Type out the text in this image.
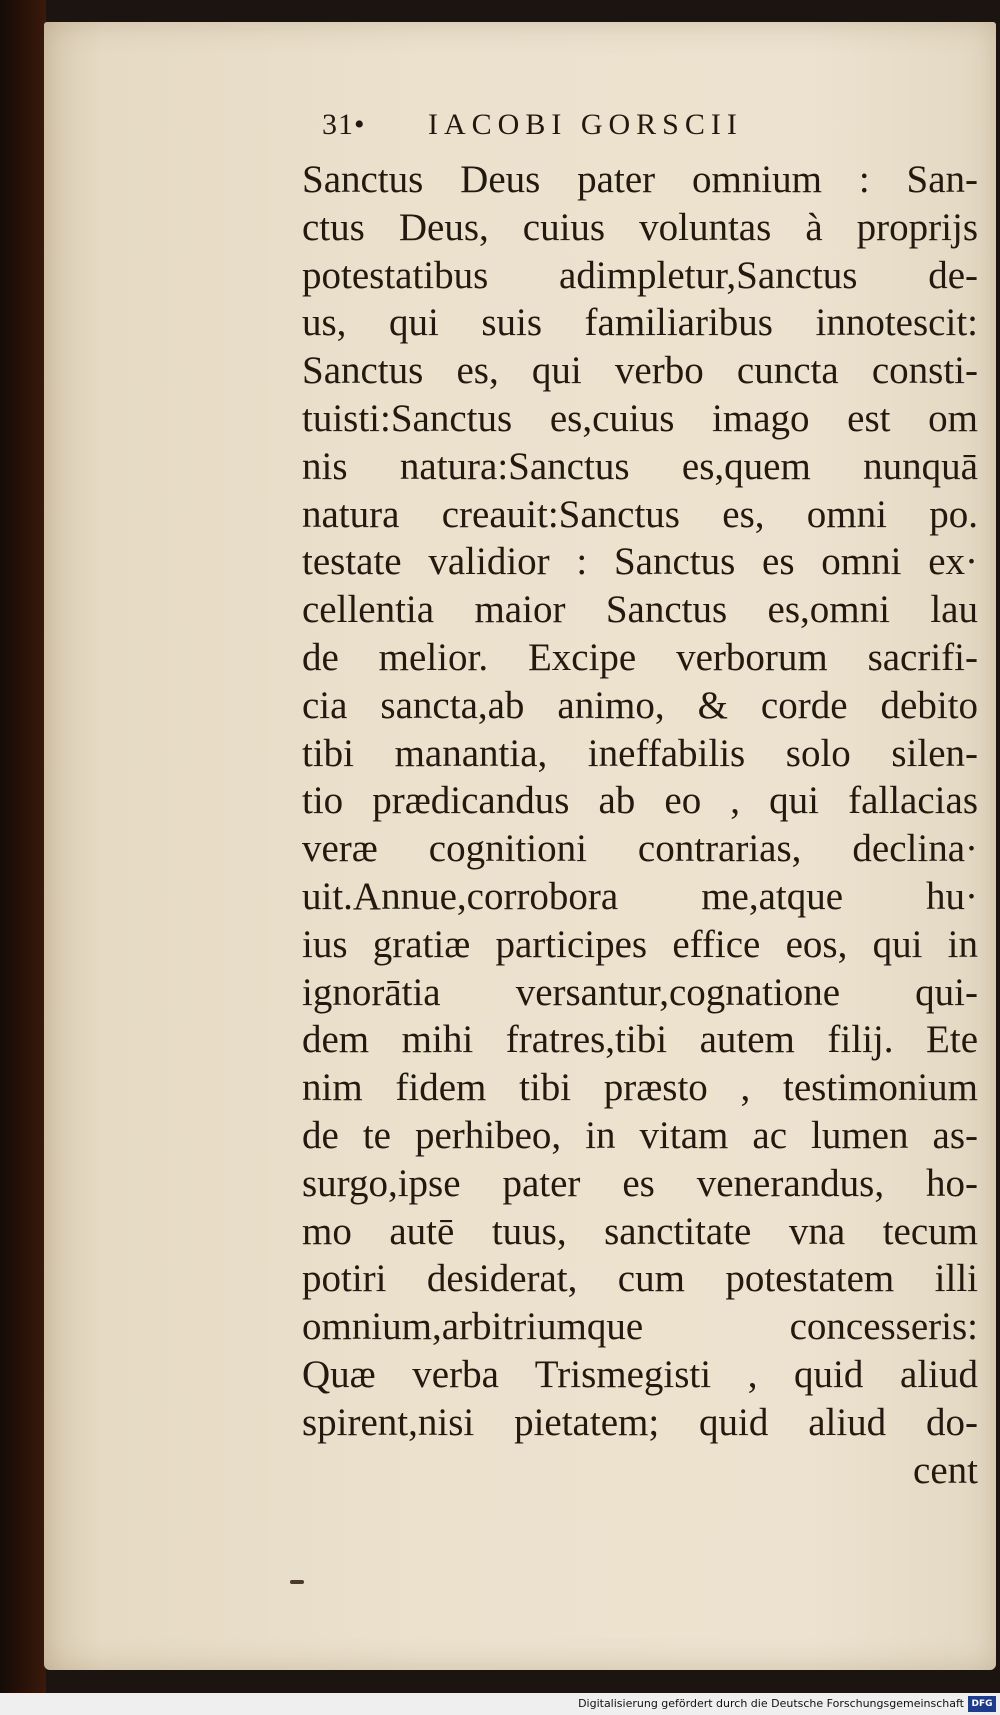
31•	IACOBI GORSCII
Sanctus Deus pater omnium : San-
ctus Deus, cuius voluntas à proprijs
potestatibus adimpletur,Sanctus de-
us, qui suis familiaribus innotescit:
Sanctus es, qui verbo cuncta consti-
tuisti:Sanctus es,cuius imago est om
nis natura:Sanctus es,quem nunquā
natura creauit:Sanctus es, omni po.
testate validior : Sanctus es omni ex·
cellentia maior Sanctus es,omni lau
de melior. Excipe verborum sacrifi-
cia sancta,ab animo, & corde debito
tibi manantia, ineffabilis solo silen-
tio prædicandus ab eo , qui fallacias
veræ cognitioni contrarias, declina·
uit.Annue,corrobora me,atque hu·
ius gratiæ participes effice eos, qui in
ignorātia versantur,cognatione qui-
dem mihi fratres,tibi autem filij. Ete
nim fidem tibi præsto , testimonium
de te perhibeo, in vitam ac lumen as-
surgo,ipse pater es venerandus, ho-
mo autē tuus, sanctitate vna tecum
potiri desiderat, cum potestatem illi
omnium,arbitriumque concesseris:
Quæ verba Trismegisti , quid aliud
spirent,nisi pietatem; quid aliud do-
cent
Digitalisierung gefördert durch die Deutsche Forschungsgemeinschaft DFG
